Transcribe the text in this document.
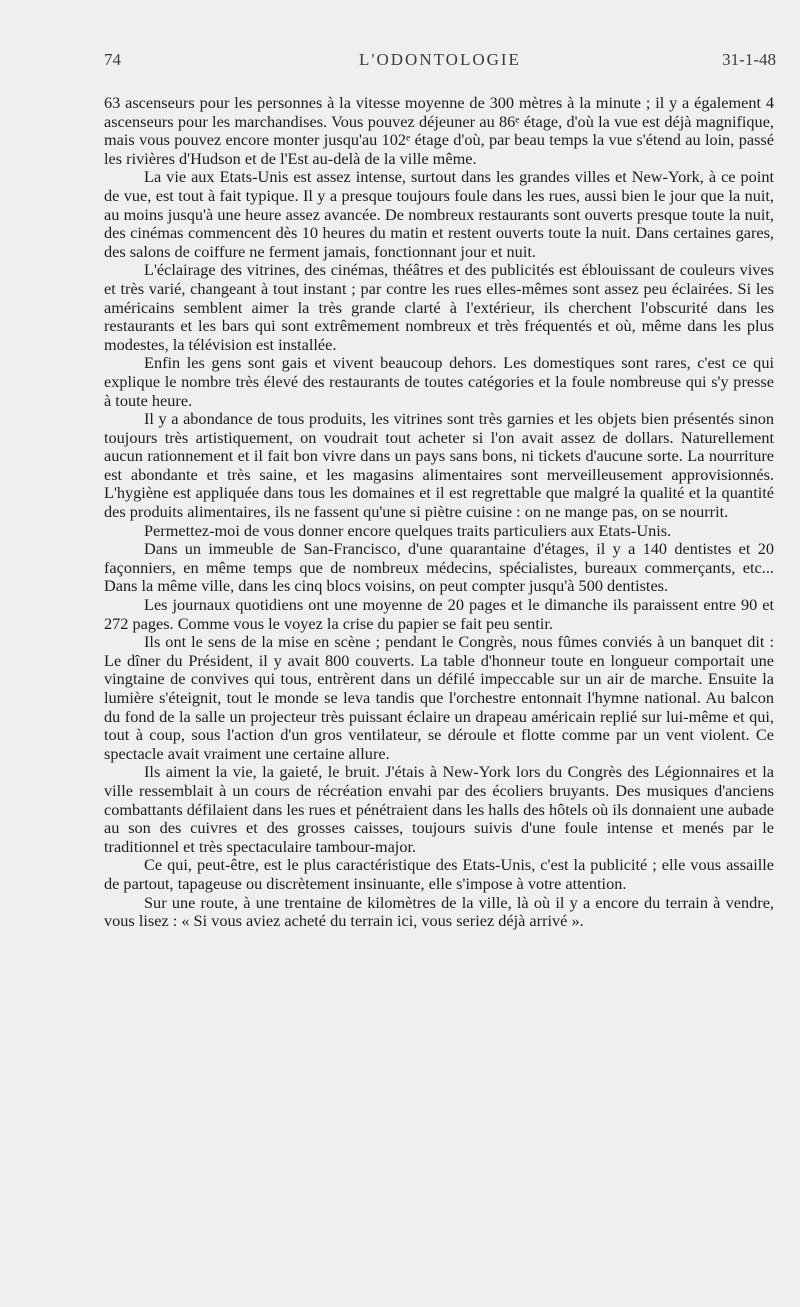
74	L'ODONTOLOGIE	31-1-48

63 ascenseurs pour les personnes à la vitesse moyenne de 300 mètres à la minute ; il y a également 4 ascenseurs pour les marchandises. Vous pouvez déjeuner au 86ᵉ étage, d'où la vue est déjà magnifique, mais vous pouvez encore monter jusqu'au 102ᵉ étage d'où, par beau temps la vue s'étend au loin, passé les rivières d'Hudson et de l'Est au-delà de la ville même.

La vie aux Etats-Unis est assez intense, surtout dans les grandes villes et New-York, à ce point de vue, est tout à fait typique. Il y a presque toujours foule dans les rues, aussi bien le jour que la nuit, au moins jusqu'à une heure assez avancée. De nombreux restaurants sont ouverts presque toute la nuit, des cinémas commencent dès 10 heures du matin et restent ouverts toute la nuit. Dans certaines gares, des salons de coiffure ne ferment jamais, fonctionnant jour et nuit.

L'éclairage des vitrines, des cinémas, théâtres et des publicités est éblouissant de couleurs vives et très varié, changeant à tout instant ; par contre les rues elles-mêmes sont assez peu éclairées. Si les américains semblent aimer la très grande clarté à l'extérieur, ils cherchent l'obscurité dans les restaurants et les bars qui sont extrêmement nombreux et très fréquentés et où, même dans les plus modestes, la télévision est installée.

Enfin les gens sont gais et vivent beaucoup dehors. Les domestiques sont rares, c'est ce qui explique le nombre très élevé des restaurants de toutes catégories et la foule nombreuse qui s'y presse à toute heure.

Il y a abondance de tous produits, les vitrines sont très garnies et les objets bien présentés sinon toujours très artistiquement, on voudrait tout acheter si l'on avait assez de dollars. Naturellement aucun rationnement et il fait bon vivre dans un pays sans bons, ni tickets d'aucune sorte. La nourriture est abondante et très saine, et les magasins alimentaires sont merveilleusement approvisionnés. L'hygiène est appliquée dans tous les domaines et il est regrettable que malgré la qualité et la quantité des produits alimentaires, ils ne fassent qu'une si piètre cuisine : on ne mange pas, on se nourrit.

Permettez-moi de vous donner encore quelques traits particuliers aux Etats-Unis.

Dans un immeuble de San-Francisco, d'une quarantaine d'étages, il y a 140 dentistes et 20 façonniers, en même temps que de nombreux médecins, spécialistes, bureaux commerçants, etc... Dans la même ville, dans les cinq blocs voisins, on peut compter jusqu'à 500 dentistes.

Les journaux quotidiens ont une moyenne de 20 pages et le dimanche ils paraissent entre 90 et 272 pages. Comme vous le voyez la crise du papier se fait peu sentir.

Ils ont le sens de la mise en scène ; pendant le Congrès, nous fûmes conviés à un banquet dit : Le dîner du Président, il y avait 800 couverts. La table d'honneur toute en longueur comportait une vingtaine de convives qui tous, entrèrent dans un défilé impeccable sur un air de marche. Ensuite la lumière s'éteignit, tout le monde se leva tandis que l'orchestre entonnait l'hymne national. Au balcon du fond de la salle un projecteur très puissant éclaire un drapeau américain replié sur lui-même et qui, tout à coup, sous l'action d'un gros ventilateur, se déroule et flotte comme par un vent violent. Ce spectacle avait vraiment une certaine allure.

Ils aiment la vie, la gaieté, le bruit. J'étais à New-York lors du Congrès des Légionnaires et la ville ressemblait à un cours de récréation envahi par des écoliers bruyants. Des musiques d'anciens combattants défilaient dans les rues et pénétraient dans les halls des hôtels où ils donnaient une aubade au son des cuivres et des grosses caisses, toujours suivis d'une foule intense et menés par le traditionnel et très spectaculaire tambour-major.

Ce qui, peut-être, est le plus caractéristique des Etats-Unis, c'est la publicité ; elle vous assaille de partout, tapageuse ou discrètement insinuante, elle s'impose à votre attention.

Sur une route, à une trentaine de kilomètres de la ville, là où il y a encore du terrain à vendre, vous lisez : « Si vous aviez acheté du terrain ici, vous seriez déjà arrivé ».
